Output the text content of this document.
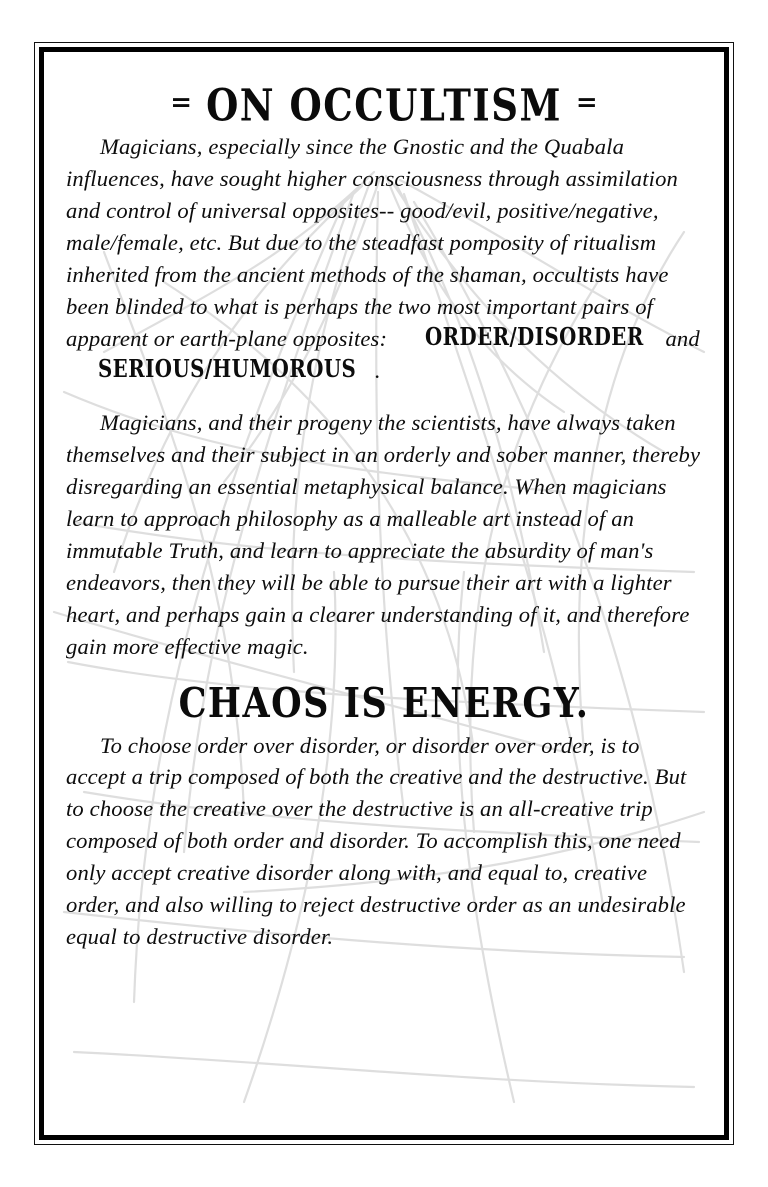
= ON OCCULTISM =

Magicians, especially since the Gnostic and the Quabala influences, have sought higher consciousness through assimilation and control of universal opposites-- good/evil, positive/negative, male/female, etc. But due to the steadfast pomposity of ritualism inherited from the ancient methods of the shaman, occultists have been blinded to what is perhaps the two most important pairs of apparent or earth-plane opposites: ORDER/DISORDER and SERIOUS/HUMOROUS .

Magicians, and their progeny the scientists, have always taken themselves and their subject in an orderly and sober manner, thereby disregarding an essential metaphysical balance. When magicians learn to approach philosophy as a malleable art instead of an immutable Truth, and learn to appreciate the absurdity of man's endeavors, then they will be able to pursue their art with a lighter heart, and perhaps gain a clearer understanding of it, and therefore gain more effective magic.

CHAOS IS ENERGY.

To choose order over disorder, or disorder over order, is to accept a trip composed of both the creative and the destructive. But to choose the creative over the destructive is an all-creative trip composed of both order and disorder. To accomplish this, one need only accept creative disorder along with, and equal to, creative order, and also willing to reject destructive order as an undesirable equal to destructive disorder.
